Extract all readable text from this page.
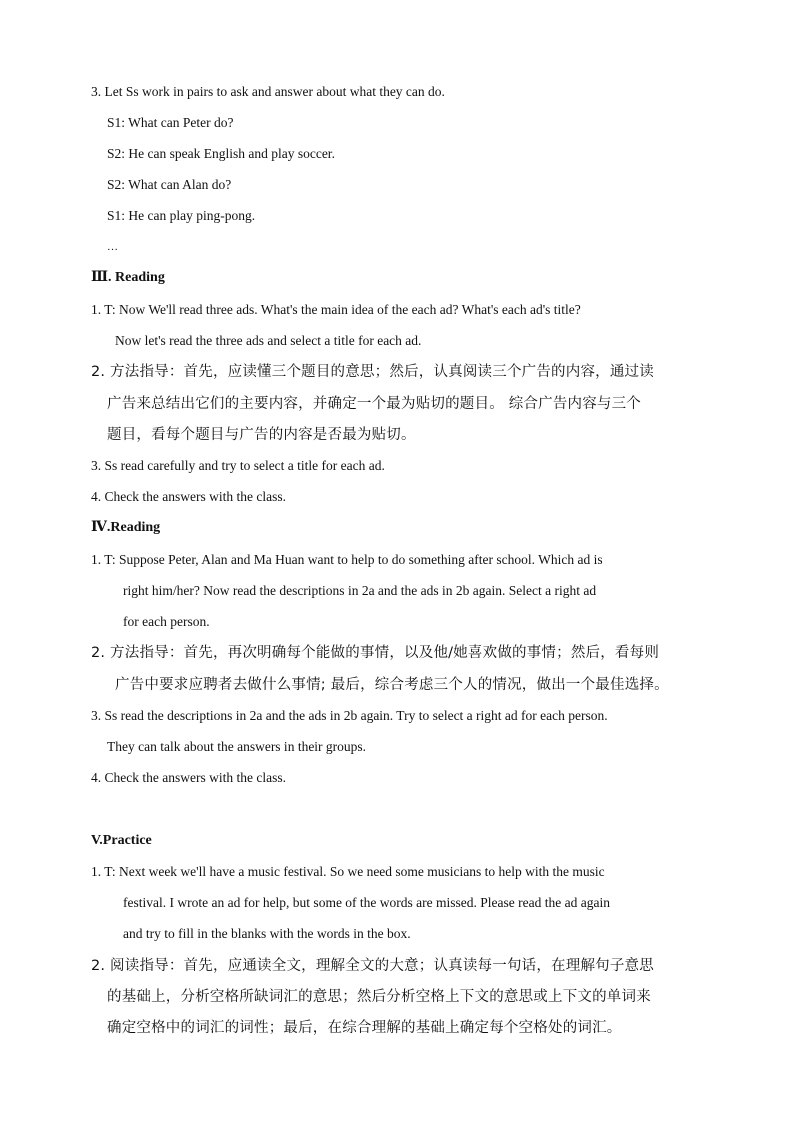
3. Let Ss work in pairs to ask and answer about what they can do.
S1: What can Peter do?
S2: He can speak English and play soccer.
S2: What can Alan do?
S1: He can play ping-pong.
…
Ⅲ. Reading
1. T: Now We'll read three ads. What's the main idea of the each ad? What's each ad's title?
Now let's read the three ads and select a title for each ad.
2. 方法指导：首先，应读懂三个题目的意思；然后，认真阅读三个广告的内容，通过读
广告来总结出它们的主要内容，并确定一个最为贴切的题目。 综合广告内容与三个
题目，看每个题目与广告的内容是否最为贴切。
3. Ss read carefully and try to select a title for each ad.
4. Check the answers with the class.
Ⅳ.Reading
1. T: Suppose Peter, Alan and Ma Huan want to help to do something after school. Which ad is
right him/her? Now read the descriptions in 2a and the ads in 2b again. Select a right ad
for each person.
2. 方法指导：首先，再次明确每个能做的事情，以及他/她喜欢做的事情；然后，看每则
广告中要求应聘者去做什么事情; 最后，综合考虑三个人的情况，做出一个最佳选择。
3. Ss read the descriptions in 2a and the ads in 2b again. Try to select a right ad for each person.
They can talk about the answers in their groups.
4. Check the answers with the class.
V.Practice
1. T: Next week we'll have a music festival. So we need some musicians to help with the music
festival. I wrote an ad for help, but some of the words are missed. Please read the ad again
and try to fill in the blanks with the words in the box.
2. 阅读指导：首先，应通读全文，理解全文的大意；认真读每一句话，在理解句子意思
的基础上，分析空格所缺词汇的意思；然后分析空格上下文的意思或上下文的单词来
确定空格中的词汇的词性；最后，在综合理解的基础上确定每个空格处的词汇。
